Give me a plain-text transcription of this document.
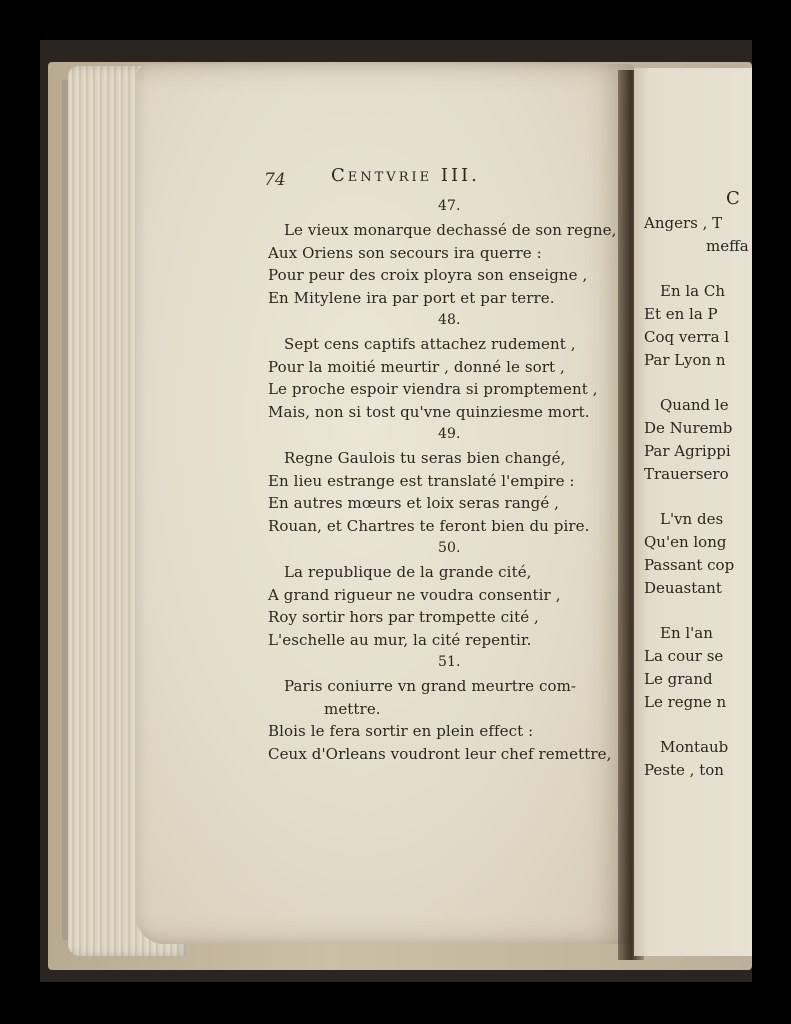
74	Centvrie III.
47.
Le vieux monarque dechassé de son regne,
Aux Oriens son secours ira querre :
Pour peur des croix ployra son enseigne ,
En Mitylene ira par port et par terre.
48.
Sept cens captifs attachez rudement ,
Pour la moitié meurtir , donné le sort ,
Le proche espoir viendra si promptement ,
Mais, non si tost qu'vne quinziesme mort.
49.
Regne Gaulois tu seras bien changé,
En lieu estrange est translaté l'empire :
En autres mœurs et loix seras rangé ,
Rouan, et Chartres te feront bien du pire.
50.
La republique de la grande cité,
A grand rigueur ne voudra consentir ,
Roy sortir hors par trompette cité ,
L'eschelle au mur, la cité repentir.
51.
Paris coniurre vn grand meurtre com-
mettre.
Blois le fera sortir en plein effect :
Ceux d'Orleans voudront leur chef remettre,
C
Angers , T
meffa
En la Ch
Et en la P
Coq verra l
Par Lyon n
Quand le
De Nuremb
Par Agrippi
Trauersero
L'vn des
Qu'en long
Passant cop
Deuastant
En l'an
La cour se
Le grand
Le regne n
Montaub
Peste , ton
